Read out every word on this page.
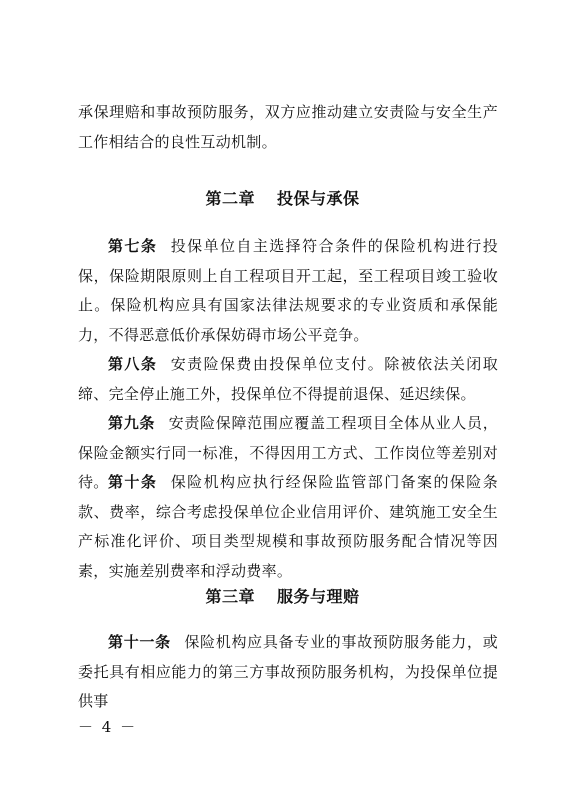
承保理赔和事故预防服务，双方应推动建立安责险与安全生产工作相结合的良性互动机制。

第二章 投保与承保

第七条 投保单位自主选择符合条件的保险机构进行投保，保险期限原则上自工程项目开工起，至工程项目竣工验收止。保险机构应具有国家法律法规要求的专业资质和承保能力，不得恶意低价承保妨碍市场公平竞争。

第八条 安责险保费由投保单位支付。除被依法关闭取缔、完全停止施工外，投保单位不得提前退保、延迟续保。

第九条 安责险保障范围应覆盖工程项目全体从业人员，保险金额实行同一标准，不得因用工方式、工作岗位等差别对待。 第十条 保险机构应执行经保险监管部门备案的保险条款、费率，综合考虑投保单位企业信用评价、建筑施工安全生产标准化评价、项目类型规模和事故预防服务配合情况等因素，实施差别费率和浮动费率。

第三章 服务与理赔

第十一条 保险机构应具备专业的事故预防服务能力，或委托具有相应能力的第三方事故预防服务机构，为投保单位提供事

－ 4 －
